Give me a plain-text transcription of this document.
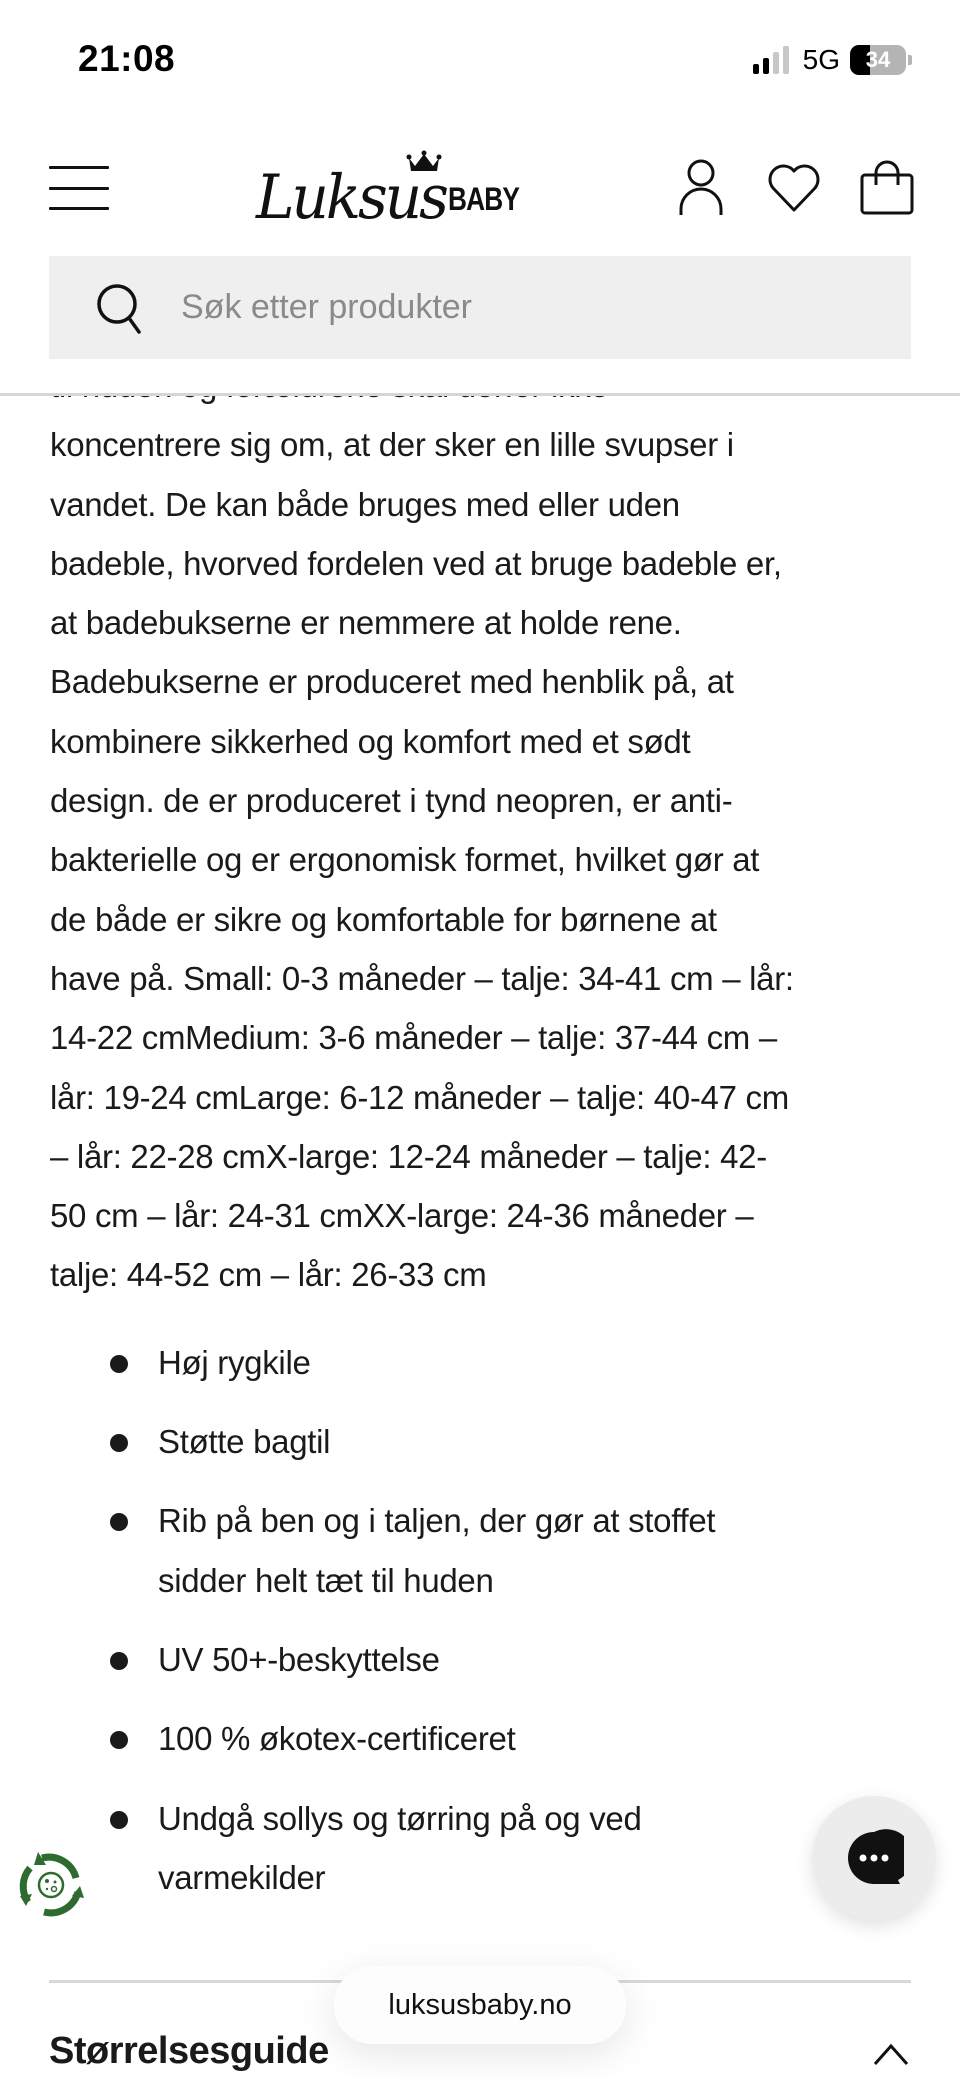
21:08	5G 34
Luksus BABY
Søk etter produkter

koncentrere sig om, at der sker en lille svupser i
vandet. De kan både bruges med eller uden
badeble, hvorved fordelen ved at bruge badeble er,
at badebukserne er nemmere at holde rene.
Badebukserne er produceret med henblik på, at
kombinere sikkerhed og komfort med et sødt
design. de er produceret i tynd neopren, er anti-
bakterielle og er ergonomisk formet, hvilket gør at
de både er sikre og komfortable for børnene at
have på. Small: 0-3 måneder – talje: 34-41 cm – lår:
14-22 cmMedium: 3-6 måneder – talje: 37-44 cm –
lår: 19-24 cmLarge: 6-12 måneder – talje: 40-47 cm
– lår: 22-28 cmX-large: 12-24 måneder – talje: 42-
50 cm – lår: 24-31 cmXX-large: 24-36 måneder –
talje: 44-52 cm – lår: 26-33 cm

Høj rygkile
Støtte bagtil
Rib på ben og i taljen, der gør at stoffet
sidder helt tæt til huden
UV 50+-beskyttelse
100 % økotex-certificeret
Undgå sollys og tørring på og ved
varmekilder
Størrelsesguide
luksusbaby.no
